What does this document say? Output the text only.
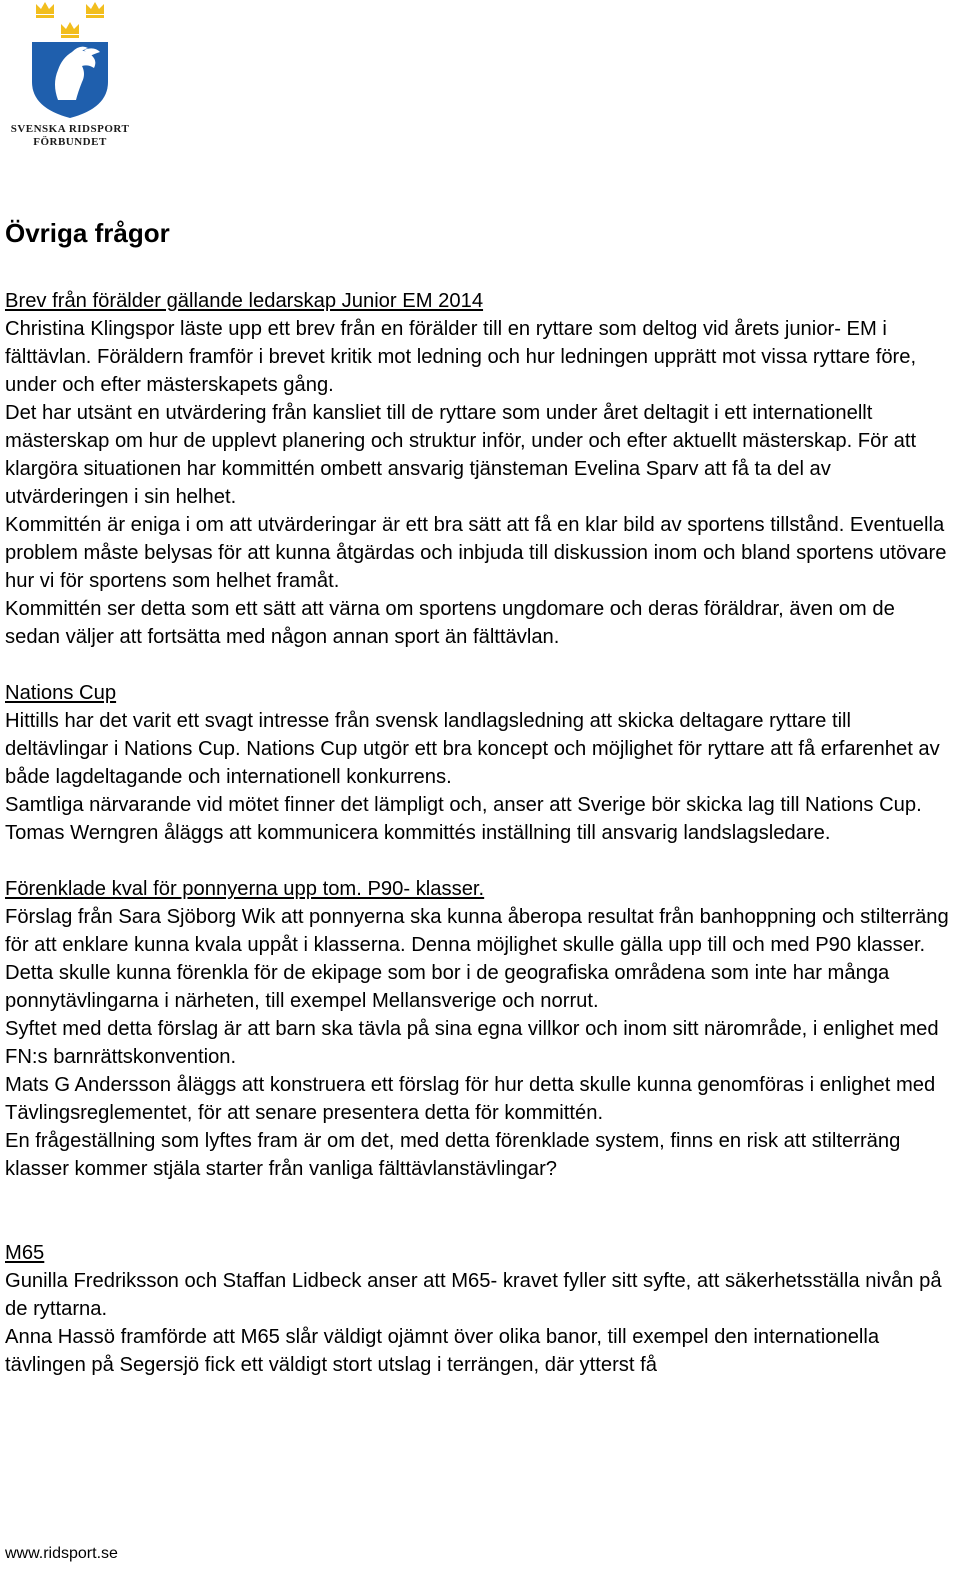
SVENSKA RIDSPORT
FÖRBUNDET
Övriga frågor
Brev från förälder gällande ledarskap Junior EM 2014

Christina Klingspor läste upp ett brev från en förälder till en ryttare som deltog vid årets junior- EM i fälttävlan. Föräldern framför i brevet kritik mot ledning och hur ledningen upprätt mot vissa ryttare före, under och efter mästerskapets gång.

Det har utsänt en utvärdering från kansliet till de ryttare som under året deltagit i ett internationellt mästerskap om hur de upplevt planering och struktur inför, under och efter aktuellt mästerskap. För att klargöra situationen har kommittén ombett ansvarig tjänsteman Evelina Sparv att få ta del av utvärderingen i sin helhet.

Kommittén är eniga i om att utvärderingar är ett bra sätt att få en klar bild av sportens tillstånd. Eventuella problem måste belysas för att kunna åtgärdas och inbjuda till diskussion inom och bland sportens utövare hur vi för sportens som helhet framåt.

Kommittén ser detta som ett sätt att värna om sportens ungdomare och deras föräldrar, även om de sedan väljer att fortsätta med någon annan sport än fälttävlan.

Nations Cup

Hittills har det varit ett svagt intresse från svensk landlagsledning att skicka deltagare ryttare till deltävlingar i Nations Cup. Nations Cup utgör ett bra koncept och möjlighet för ryttare att få erfarenhet av både lagdeltagande och internationell konkurrens.

Samtliga närvarande vid mötet finner det lämpligt och, anser att Sverige bör skicka lag till Nations Cup. Tomas Werngren åläggs att kommunicera kommittés inställning till ansvarig landslagsledare.

Förenklade kval för ponnyerna upp tom. P90- klasser.

Förslag från Sara Sjöborg Wik att ponnyerna ska kunna åberopa resultat från banhoppning och stilterräng för att enklare kunna kvala uppåt i klasserna. Denna möjlighet skulle gälla upp till och med P90 klasser. Detta skulle kunna förenkla för de ekipage som bor i de geografiska områdena som inte har många ponnytävlingarna i närheten, till exempel Mellansverige och norrut.

Syftet med detta förslag är att barn ska tävla på sina egna villkor och inom sitt närområde, i enlighet med FN:s barnrättskonvention.

Mats G Andersson åläggs att konstruera ett förslag för hur detta skulle kunna genomföras i enlighet med Tävlingsreglementet, för att senare presentera detta för kommittén.

En frågeställning som lyftes fram är om det, med detta förenklade system, finns en risk att stilterräng klasser kommer stjäla starter från vanliga fälttävlanstävlingar?

M65

Gunilla Fredriksson och Staffan Lidbeck anser att M65- kravet fyller sitt syfte, att säkerhetsställa nivån på de ryttarna.

Anna Hassö framförde att M65 slår väldigt ojämnt över olika banor, till exempel den internationella tävlingen på Segersjö fick ett väldigt stort utslag i terrängen, där ytterst få

www.ridsport.se
